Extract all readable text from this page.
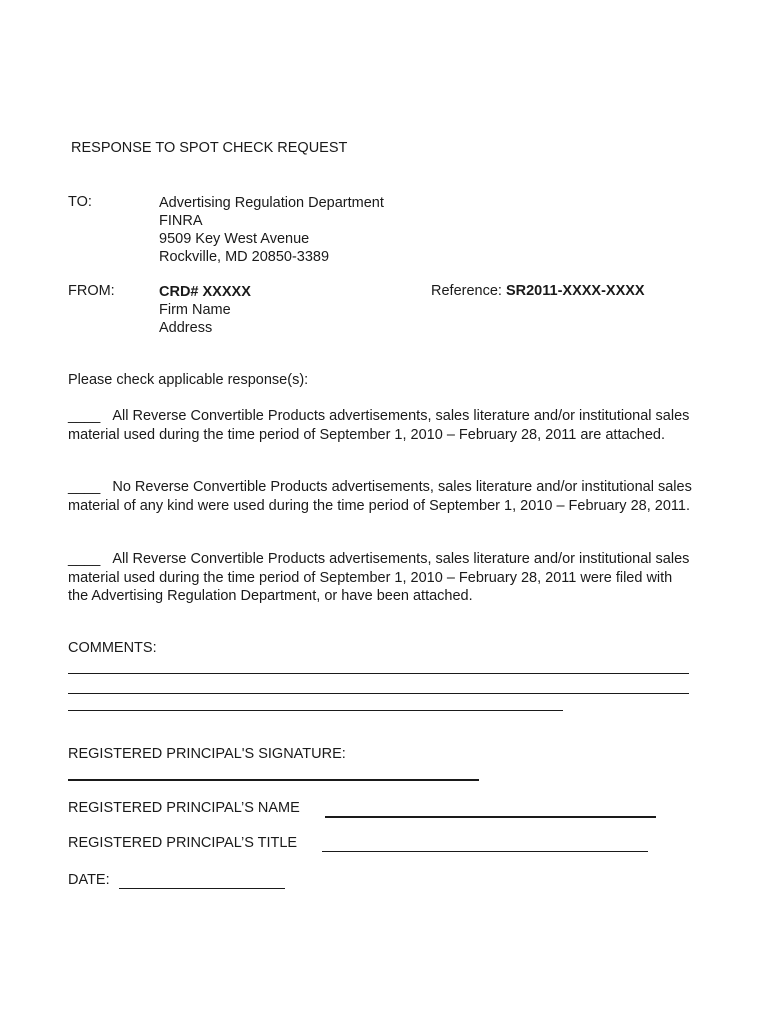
RESPONSE TO SPOT CHECK REQUEST
TO:	Advertising Regulation Department
FINRA
9509 Key West Avenue
Rockville, MD 20850-3389
FROM:	CRD# XXXXX
Firm Name
Address
Reference: SR2011-XXXX-XXXX
Please check applicable response(s):
____ All Reverse Convertible Products advertisements, sales literature and/or institutional sales material used during the time period of September 1, 2010 – February 28, 2011 are attached.
____ No Reverse Convertible Products advertisements, sales literature and/or institutional sales material of any kind were used during the time period of September 1, 2010 – February 28, 2011.
____ All Reverse Convertible Products advertisements, sales literature and/or institutional sales material used during the time period of September 1, 2010 – February 28, 2011 were filed with the Advertising Regulation Department, or have been attached.
COMMENTS:
REGISTERED PRINCIPAL'S SIGNATURE:
REGISTERED PRINCIPAL’S NAME
REGISTERED PRINCIPAL’S TITLE
DATE:
